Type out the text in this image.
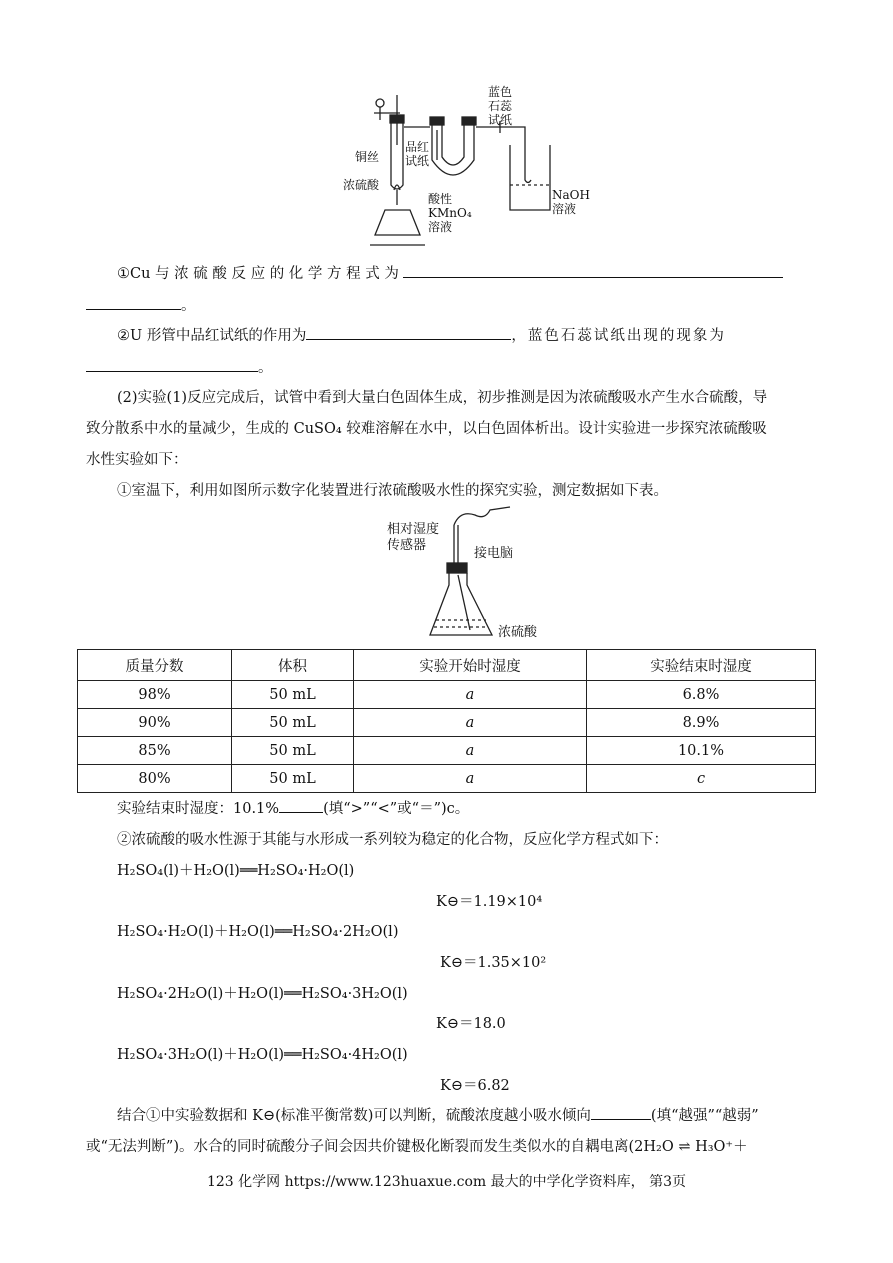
蓝色
石蕊
试纸
铜丝
品红
试纸
浓硫酸
酸性
KMnO₄
溶液
NaOH
溶液
①Cu 与 浓 硫 酸 反 应 的 化 学 方 程 式 为
。
②U 形管中品红试纸的作用为	，蓝色石蕊试纸出现的现象为
。
(2)实验(1)反应完成后，试管中看到大量白色固体生成，初步推测是因为浓硫酸吸水产生水合硫酸，导
致分散系中水的量减少，生成的 CuSO₄ 较难溶解在水中，以白色固体析出。设计实验进一步探究浓硫酸吸
水性实验如下：
①室温下，利用如图所示数字化装置进行浓硫酸吸水性的探究实验，测定数据如下表。
相对湿度
传感器
接电脑
浓硫酸
质量分数	体积	实验开始时湿度	实验结束时湿度
98%	50 mL	a	6.8%
90%	50 mL	a	8.9%
85%	50 mL	a	10.1%
80%	50 mL	a	c
实验结束时湿度：10.1%	(填“>”“<”或“＝”)c。
②浓硫酸的吸水性源于其能与水形成一系列较为稳定的化合物，反应化学方程式如下：
H₂SO₄(l)＋H₂O(l)══H₂SO₄·H₂O(l)
K⊖＝1.19×10⁴
H₂SO₄·H₂O(l)＋H₂O(l)══H₂SO₄·2H₂O(l)
K⊖＝1.35×10²
H₂SO₄·2H₂O(l)＋H₂O(l)══H₂SO₄·3H₂O(l)
K⊖＝18.0
H₂SO₄·3H₂O(l)＋H₂O(l)══H₂SO₄·4H₂O(l)
K⊖＝6.82
结合①中实验数据和 K⊖(标准平衡常数)可以判断，硫酸浓度越小吸水倾向	(填“越强”“越弱”
或“无法判断”)。水合的同时硫酸分子间会因共价键极化断裂而发生类似水的自耦电离(2H₂O ⇌ H₃O⁺＋
123 化学网 https://www.123huaxue.com 最大的中学化学资料库， 第3页
